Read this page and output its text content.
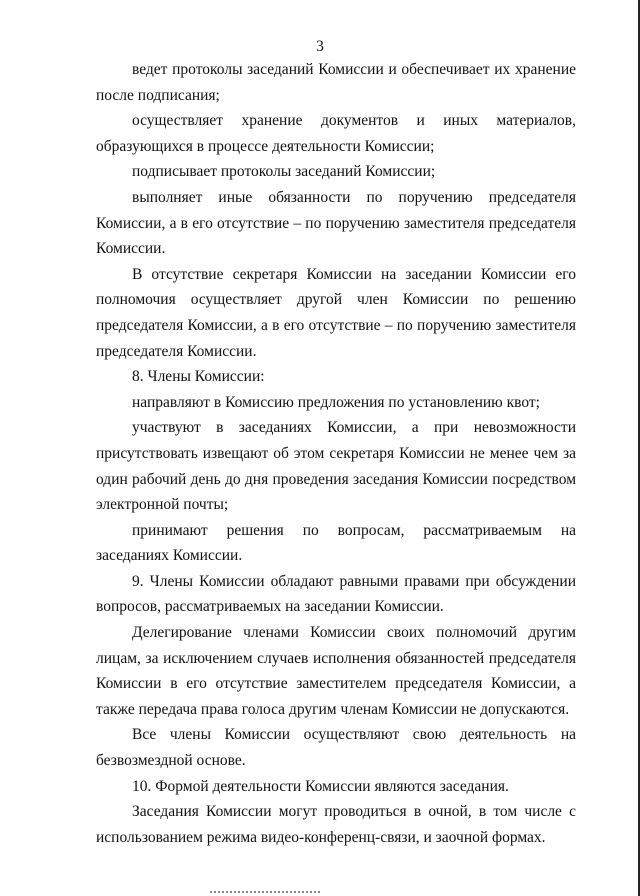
3

ведет протоколы заседаний Комиссии и обеспечивает их хранение после подписания;

осуществляет хранение документов и иных материалов, образующихся в процессе деятельности Комиссии;

подписывает протоколы заседаний Комиссии;

выполняет иные обязанности по поручению председателя Комиссии, а в его отсутствие – по поручению заместителя председателя Комиссии.

В отсутствие секретаря Комиссии на заседании Комиссии его полномочия осуществляет другой член Комиссии по решению председателя Комиссии, а в его отсутствие – по поручению заместителя председателя Комиссии.

8. Члены Комиссии:

направляют в Комиссию предложения по установлению квот;

участвуют в заседаниях Комиссии, а при невозможности присутствовать извещают об этом секретаря Комиссии не менее чем за один рабочий день до дня проведения заседания Комиссии посредством электронной почты;

принимают решения по вопросам, рассматриваемым на заседаниях Комиссии.

9. Члены Комиссии обладают равными правами при обсуждении вопросов, рассматриваемых на заседании Комиссии.

Делегирование членами Комиссии своих полномочий другим лицам, за исключением случаев исполнения обязанностей председателя Комиссии в его отсутствие заместителем председателя Комиссии, а также передача права голоса другим членам Комиссии не допускаются.

Все члены Комиссии осуществляют свою деятельность на безвозмездной основе.

10. Формой деятельности Комиссии являются заседания.

Заседания Комиссии могут проводиться в очной, в том числе с использованием режима видео-конференц-связи, и заочной формах.
